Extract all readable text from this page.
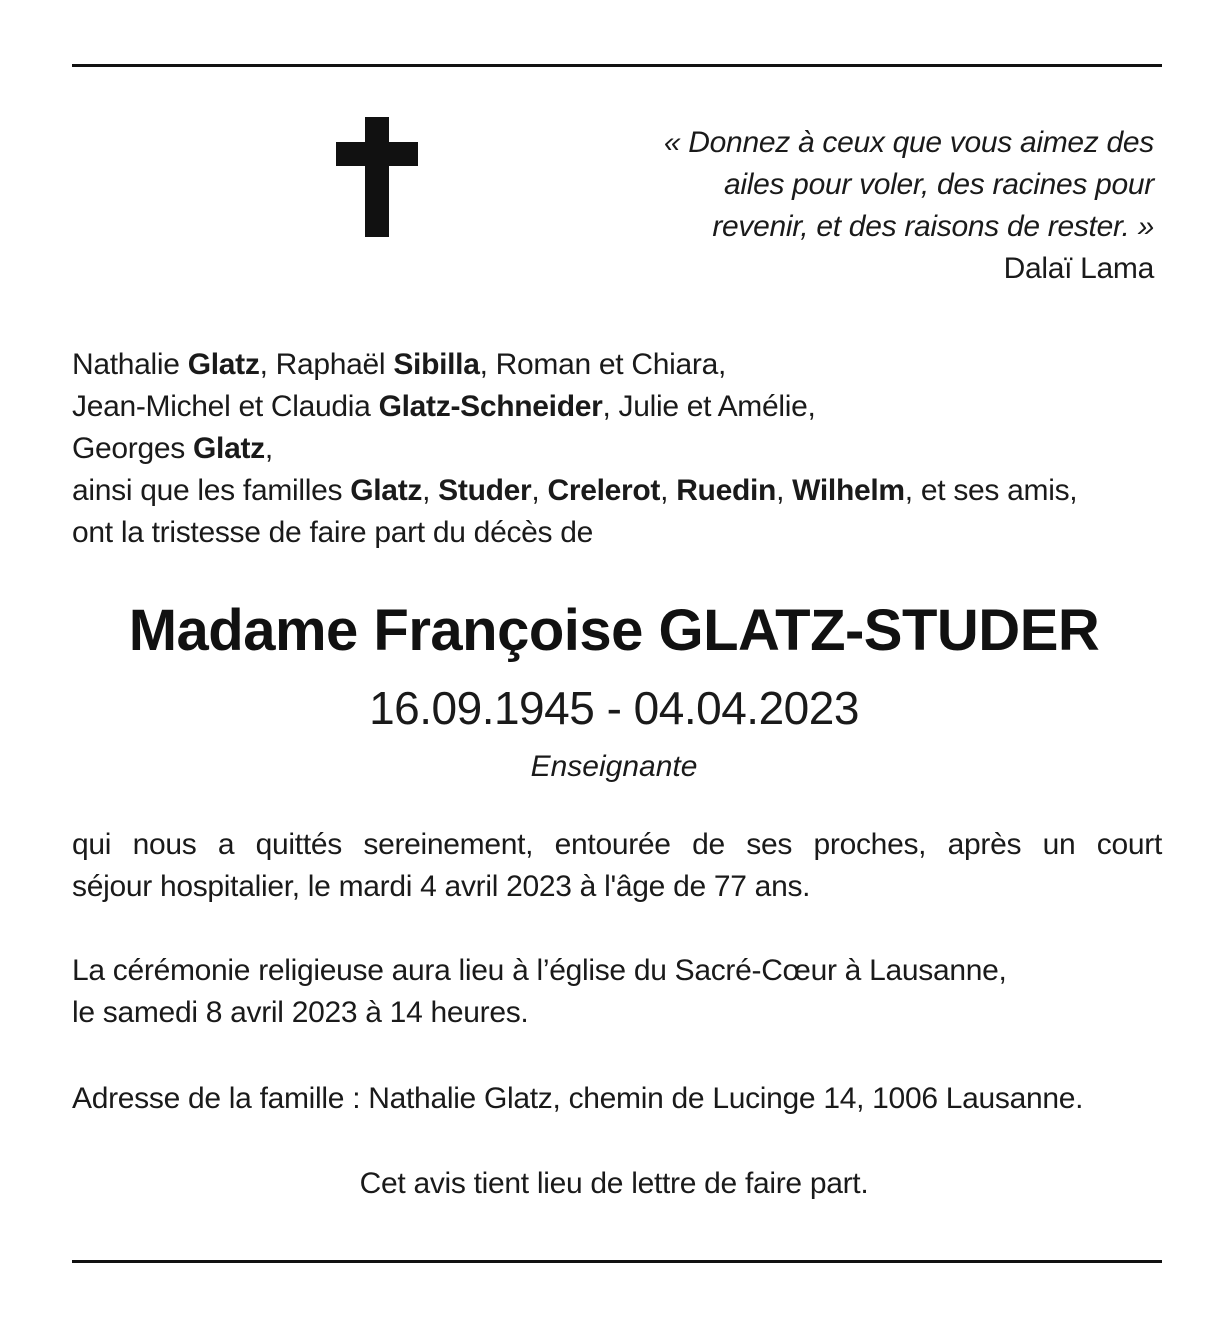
« Donnez à ceux que vous aimez des
ailes pour voler, des racines pour
revenir, et des raisons de rester. »
Dalaï Lama
Nathalie Glatz, Raphaël Sibilla, Roman et Chiara,
Jean-Michel et Claudia Glatz-Schneider, Julie et Amélie,
Georges Glatz,
ainsi que les familles Glatz, Studer, Crelerot, Ruedin, Wilhelm, et ses amis,
ont la tristesse de faire part du décès de
Madame Françoise GLATZ-STUDER
16.09.1945 - 04.04.2023
Enseignante
qui nous a quittés sereinement, entourée de ses proches, après un court
séjour hospitalier, le mardi 4 avril 2023 à l'âge de 77 ans.
La cérémonie religieuse aura lieu à l’église du Sacré-Cœur à Lausanne,
le samedi 8 avril 2023 à 14 heures.
Adresse de la famille : Nathalie Glatz, chemin de Lucinge 14, 1006 Lausanne.
Cet avis tient lieu de lettre de faire part.
